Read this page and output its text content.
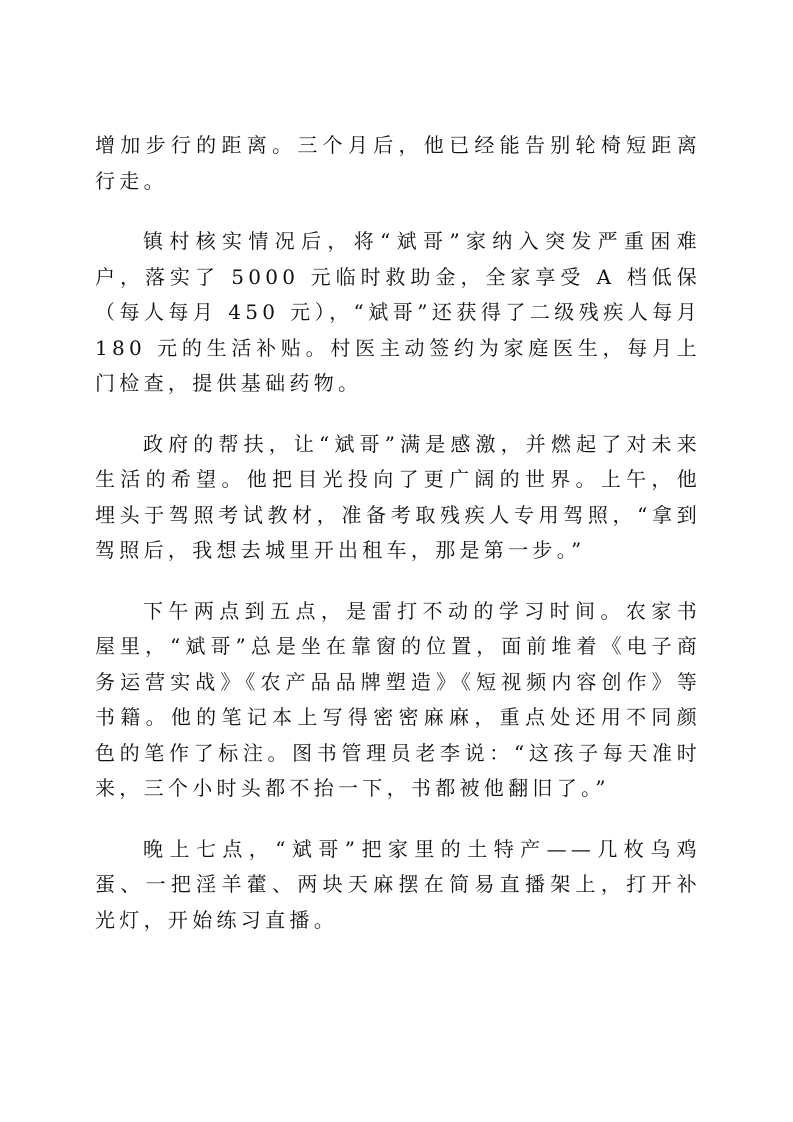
增加步行的距离。三个月后，他已经能告别轮椅短距离行走。

镇村核实情况后，将“斌哥”家纳入突发严重困难户，落实了 5000 元临时救助金，全家享受 A 档低保（每人每月 450 元），“斌哥”还获得了二级残疾人每月 180 元的生活补贴。村医主动签约为家庭医生，每月上门检查，提供基础药物。

政府的帮扶，让“斌哥”满是感激，并燃起了对未来生活的希望。他把目光投向了更广阔的世界。上午，他埋头于驾照考试教材，准备考取残疾人专用驾照，“拿到驾照后，我想去城里开出租车，那是第一步。”

下午两点到五点，是雷打不动的学习时间。农家书屋里，“斌哥”总是坐在靠窗的位置，面前堆着《电子商务运营实战》《农产品品牌塑造》《短视频内容创作》等书籍。他的笔记本上写得密密麻麻，重点处还用不同颜色的笔作了标注。图书管理员老李说：“这孩子每天准时来，三个小时头都不抬一下，书都被他翻旧了。”

晚上七点，“斌哥”把家里的土特产——几枚乌鸡蛋、一把淫羊藿、两块天麻摆在简易直播架上，打开补光灯，开始练习直播。
